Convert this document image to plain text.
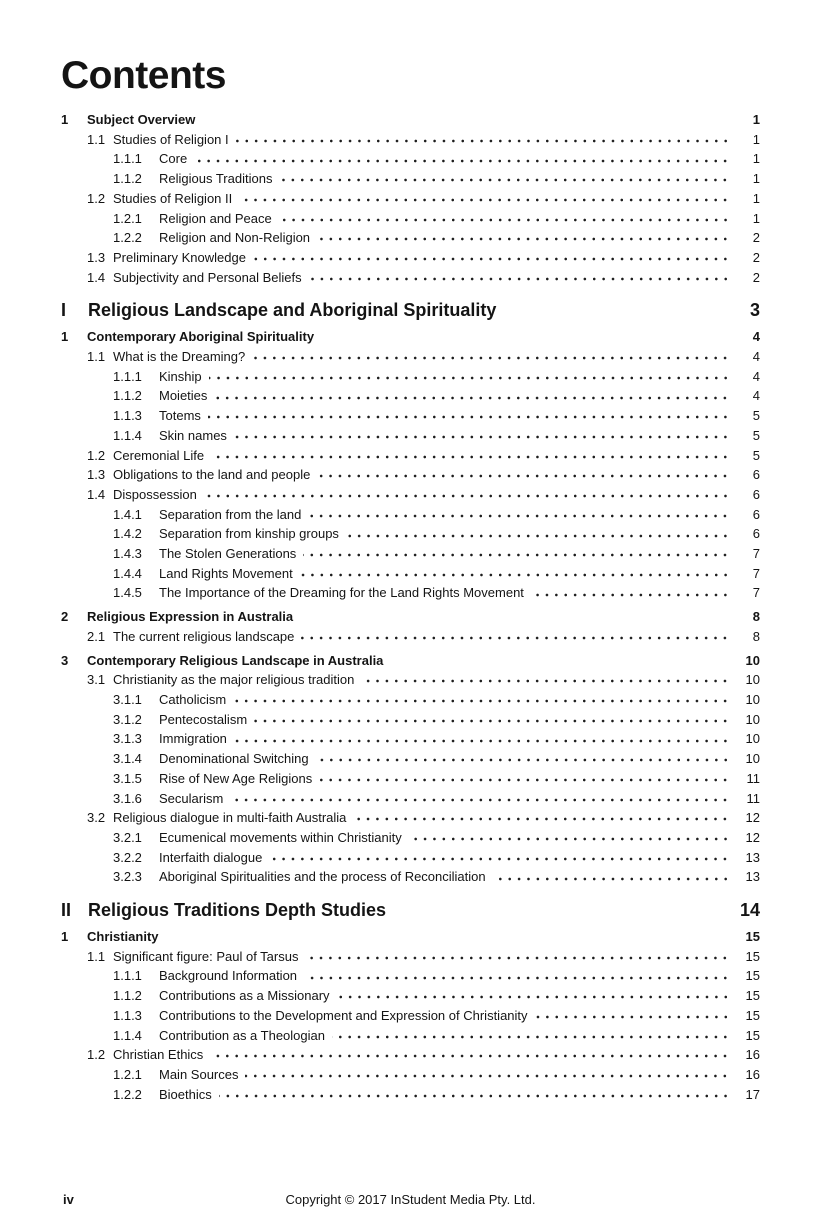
Contents
1	Subject Overview	1
1.1 Studies of Religion I	1
1.1.1	Core	1
1.1.2	Religious Traditions	1
1.2 Studies of Religion II	1
1.2.1	Religion and Peace	1
1.2.2	Religion and Non-Religion	2
1.3 Preliminary Knowledge	2
1.4 Subjectivity and Personal Beliefs	2
I	Religious Landscape and Aboriginal Spirituality	3
1	Contemporary Aboriginal Spirituality	4
1.1 What is the Dreaming?	4
1.1.1	Kinship	4
1.1.2	Moieties	4
1.1.3	Totems	5
1.1.4	Skin names	5
1.2 Ceremonial Life	5
1.3 Obligations to the land and people	6
1.4 Dispossession	6
1.4.1	Separation from the land	6
1.4.2	Separation from kinship groups	6
1.4.3	The Stolen Generations	7
1.4.4	Land Rights Movement	7
1.4.5	The Importance of the Dreaming for the Land Rights Movement	7
2	Religious Expression in Australia	8
2.1 The current religious landscape	8
3	Contemporary Religious Landscape in Australia	10
3.1 Christianity as the major religious tradition	10
3.1.1	Catholicism	10
3.1.2	Pentecostalism	10
3.1.3	Immigration	10
3.1.4	Denominational Switching	10
3.1.5	Rise of New Age Religions	11
3.1.6	Secularism	11
3.2 Religious dialogue in multi-faith Australia	12
3.2.1	Ecumenical movements within Christianity	12
3.2.2	Interfaith dialogue	13
3.2.3	Aboriginal Spiritualities and the process of Reconciliation	13
II Religious Traditions Depth Studies	14
1	Christianity	15
1.1 Significant figure: Paul of Tarsus	15
1.1.1	Background Information	15
1.1.2	Contributions as a Missionary	15
1.1.3	Contributions to the Development and Expression of Christianity	15
1.1.4	Contribution as a Theologian	15
1.2 Christian Ethics	16
1.2.1	Main Sources	16
1.2.2	Bioethics	17
iv	Copyright © 2017 InStudent Media Pty. Ltd.
